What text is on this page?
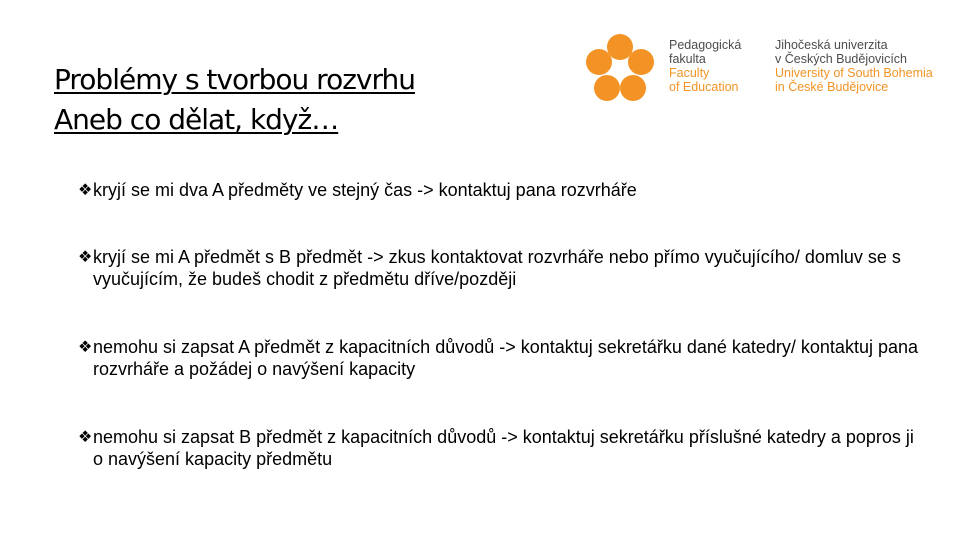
Problémy s tvorbou rozvrhu
Aneb co dělat, když…
Pedagogická
fakulta
Faculty
of Education
Jihočeská univerzita
v Českých Budějovicích
University of South Bohemia
in České Budějovice
❖ kryjí se mi dva A předměty ve stejný čas -> kontaktuj pana rozvrháře
❖ kryjí se mi A předmět s B předmět -> zkus kontaktovat rozvrháře nebo přímo vyučujícího/ domluv se s vyučujícím, že budeš chodit z předmětu dříve/později
❖ nemohu si zapsat A předmět z kapacitních důvodů -> kontaktuj sekretářku dané katedry/ kontaktuj pana rozvrháře a požádej o navýšení kapacity
❖ nemohu si zapsat B předmět z kapacitních důvodů -> kontaktuj sekretářku příslušné katedry a popros ji o navýšení kapacity předmětu
